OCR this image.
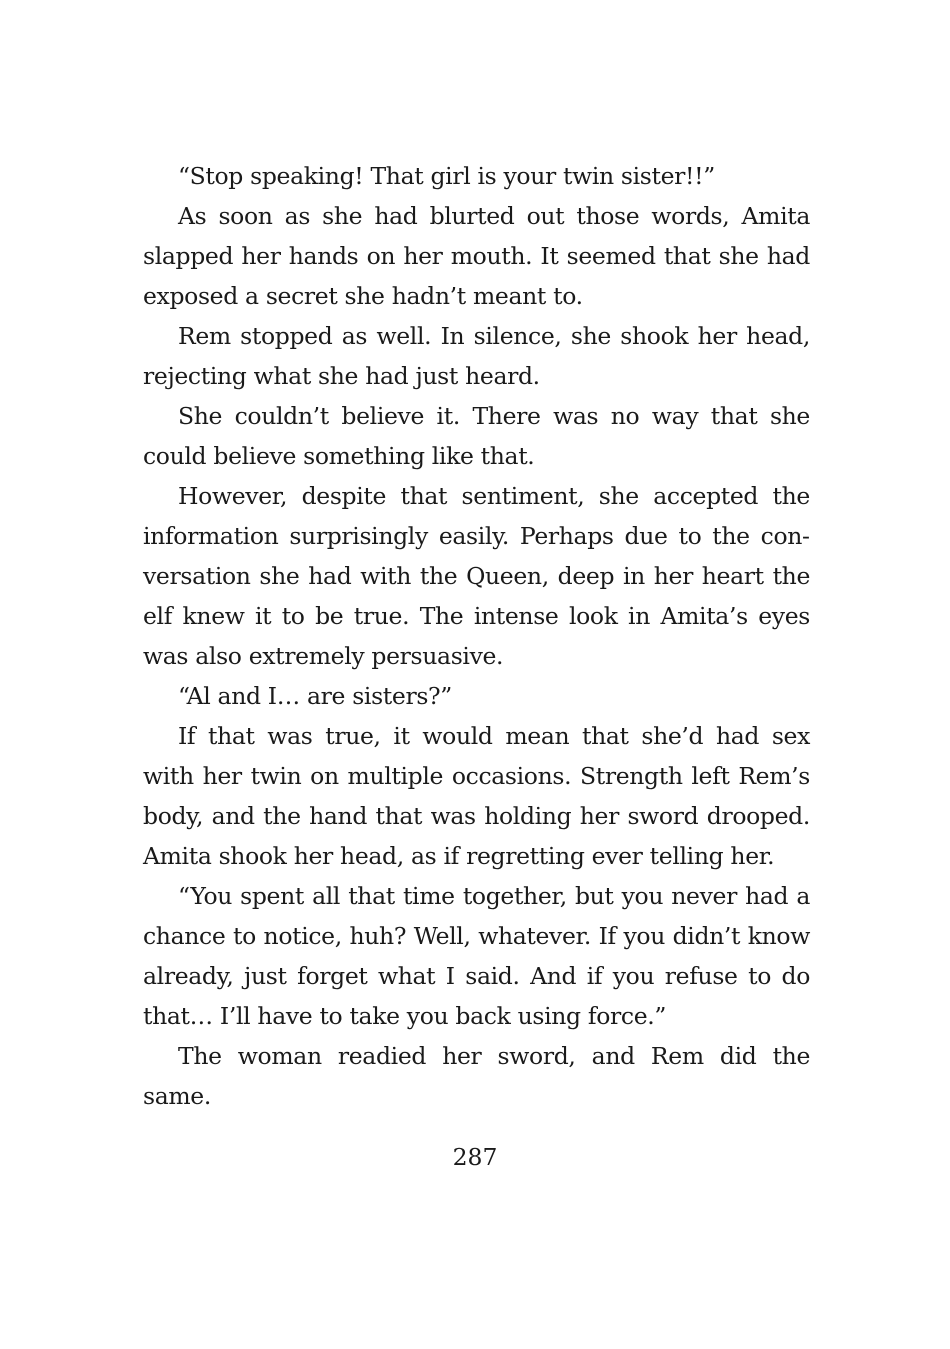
“Stop speaking! That girl is your twin sister!!”

As soon as she had blurted out those words, Amita slapped her hands on her mouth. It seemed that she had exposed a secret she hadn’t meant to.

Rem stopped as well. In silence, she shook her head, rejecting what she had just heard.

She couldn’t believe it. There was no way that she could believe something like that.

However, despite that sentiment, she accepted the information surprisingly easily. Perhaps due to the conversation she had with the Queen, deep in her heart the elf knew it to be true. The intense look in Amita’s eyes was also extremely persuasive.

“Al and I… are sisters?”

If that was true, it would mean that she’d had sex with her twin on multiple occasions. Strength left Rem’s body, and the hand that was holding her sword drooped. Amita shook her head, as if regretting ever telling her.

“You spent all that time together, but you never had a chance to notice, huh? Well, whatever. If you didn’t know already, just forget what I said. And if you refuse to do that… I’ll have to take you back using force.”

The woman readied her sword, and Rem did the same.

287
